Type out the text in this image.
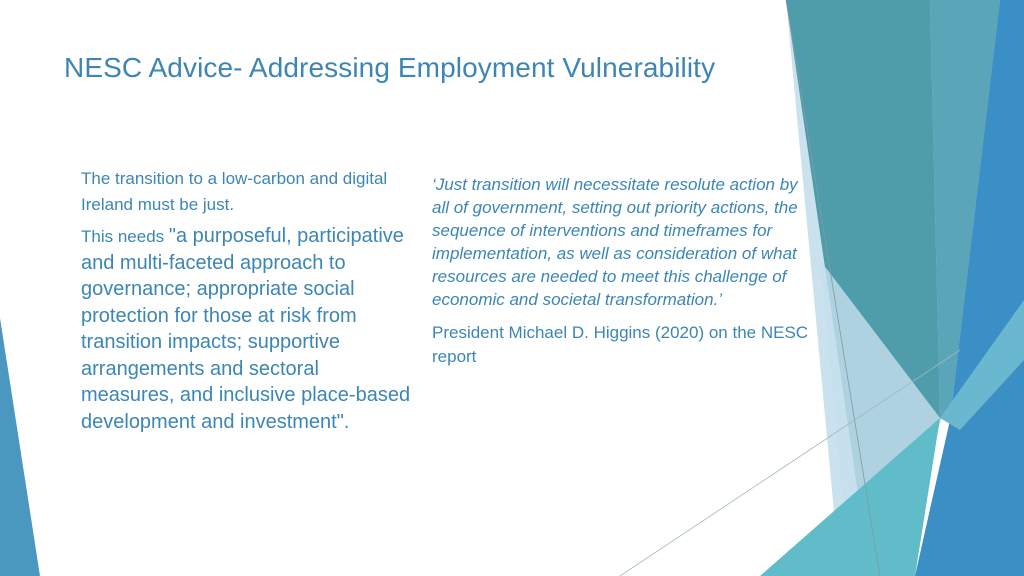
NESC Advice- Addressing Employment Vulnerability

The transition to a low-carbon and digital Ireland must be just.

This needs "a purposeful, participative and multi-faceted approach to governance; appropriate social protection for those at risk from transition impacts; supportive arrangements and sectoral measures, and inclusive place-based development and investment".

‘Just transition will necessitate resolute action by all of government, setting out priority actions, the sequence of interventions and timeframes for implementation, as well as consideration of what resources are needed to meet this challenge of economic and societal transformation.’

President Michael D. Higgins (2020) on the NESC report
